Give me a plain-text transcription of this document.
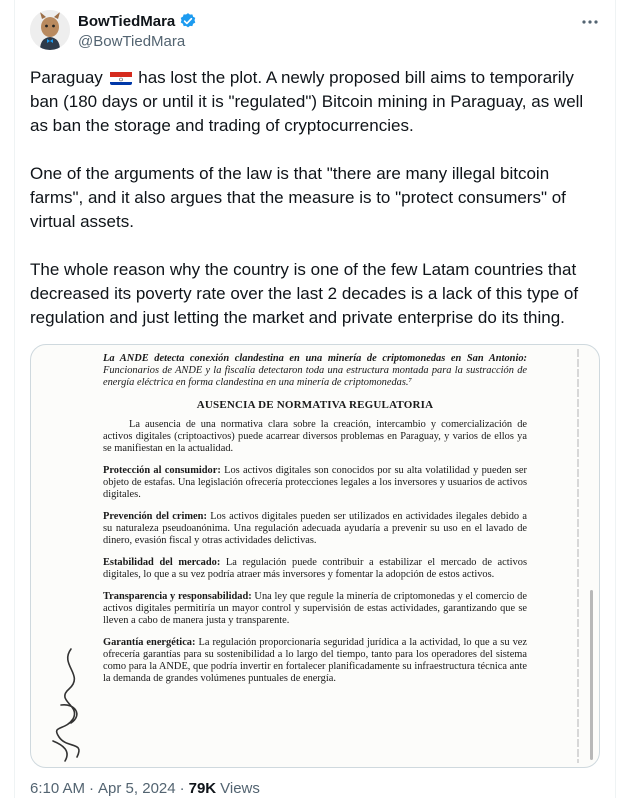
BowTiedMara
@BowTiedMara

Paraguay has lost the plot. A newly proposed bill aims to temporarily ban (180 days or until it is "regulated") Bitcoin mining in Paraguay, as well as ban the storage and trading of cryptocurrencies.

One of the arguments of the law is that "there are many illegal bitcoin farms", and it also argues that the measure is to "protect consumers" of virtual assets.

The whole reason why the country is one of the few Latam countries that decreased its poverty rate over the last 2 decades is a lack of this type of regulation and just letting the market and private enterprise do its thing.

La ANDE detecta conexión clandestina en una minería de criptomonedas en San Antonio: Funcionarios de ANDE y la fiscalía detectaron toda una estructura montada para la sustracción de energía eléctrica en forma clandestina en una minería de criptomonedas.⁷

AUSENCIA DE NORMATIVA REGULATORIA

La ausencia de una normativa clara sobre la creación, intercambio y comercialización de activos digitales (criptoactivos) puede acarrear diversos problemas en Paraguay, y varios de ellos ya se manifiestan en la actualidad.

Protección al consumidor: Los activos digitales son conocidos por su alta volatilidad y pueden ser objeto de estafas. Una legislación ofrecería protecciones legales a los inversores y usuarios de activos digitales.

Prevención del crimen: Los activos digitales pueden ser utilizados en actividades ilegales debido a su naturaleza pseudoanónima. Una regulación adecuada ayudaría a prevenir su uso en el lavado de dinero, evasión fiscal y otras actividades delictivas.

Estabilidad del mercado: La regulación puede contribuir a estabilizar el mercado de activos digitales, lo que a su vez podría atraer más inversores y fomentar la adopción de estos activos.

Transparencia y responsabilidad: Una ley que regule la minería de criptomonedas y el comercio de activos digitales permitiría un mayor control y supervisión de estas actividades, garantizando que se lleven a cabo de manera justa y transparente.

Garantía energética: La regulación proporcionaría seguridad jurídica a la actividad, lo que a su vez ofrecería garantías para su sostenibilidad a lo largo del tiempo, tanto para los operadores del sistema como para la ANDE, que podría invertir en fortalecer planificadamente su infraestructura técnica ante la demanda de grandes volúmenes puntuales de energía.

6:10 AM · Apr 5, 2024 · 79K Views
